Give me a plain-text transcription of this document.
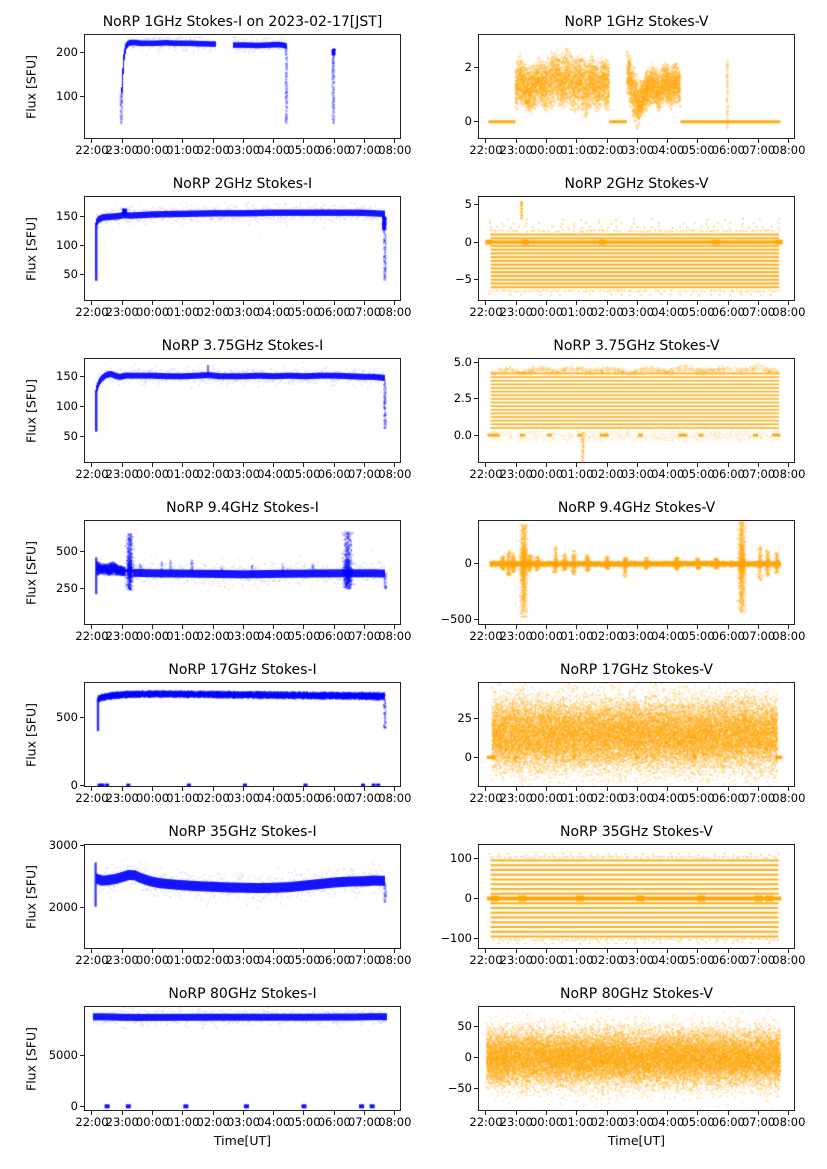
NoRP 1GHz Stokes-I on 2023-02-17[JST]
Flux [SFU]
22:00
23:00
00:00
01:00
02:00
03:00
04:00
05:00
06:00
07:00
08:00
100
200
NoRP 1GHz Stokes-V
22:00
23:00
00:00
01:00
02:00
03:00
04:00
05:00
06:00
07:00
08:00
0
2
NoRP 2GHz Stokes-I
Flux [SFU]
22:00
23:00
00:00
01:00
02:00
03:00
04:00
05:00
06:00
07:00
08:00
50
100
150
NoRP 2GHz Stokes-V
22:00
23:00
00:00
01:00
02:00
03:00
04:00
05:00
06:00
07:00
08:00
−5
0
5
NoRP 3.75GHz Stokes-I
Flux [SFU]
22:00
23:00
00:00
01:00
02:00
03:00
04:00
05:00
06:00
07:00
08:00
50
100
150
NoRP 3.75GHz Stokes-V
22:00
23:00
00:00
01:00
02:00
03:00
04:00
05:00
06:00
07:00
08:00
0.0
2.5
5.0
NoRP 9.4GHz Stokes-I
Flux [SFU]
22:00
23:00
00:00
01:00
02:00
03:00
04:00
05:00
06:00
07:00
08:00
250
500
NoRP 9.4GHz Stokes-V
22:00
23:00
00:00
01:00
02:00
03:00
04:00
05:00
06:00
07:00
08:00
−500
0
NoRP 17GHz Stokes-I
Flux [SFU]
22:00
23:00
00:00
01:00
02:00
03:00
04:00
05:00
06:00
07:00
08:00
0
500
NoRP 17GHz Stokes-V
22:00
23:00
00:00
01:00
02:00
03:00
04:00
05:00
06:00
07:00
08:00
0
25
NoRP 35GHz Stokes-I
Flux [SFU]
22:00
23:00
00:00
01:00
02:00
03:00
04:00
05:00
06:00
07:00
08:00
2000
3000
NoRP 35GHz Stokes-V
22:00
23:00
00:00
01:00
02:00
03:00
04:00
05:00
06:00
07:00
08:00
−100
0
100
NoRP 80GHz Stokes-I
Flux [SFU]
Time[UT]
22:00
23:00
00:00
01:00
02:00
03:00
04:00
05:00
06:00
07:00
08:00
0
5000
NoRP 80GHz Stokes-V
Time[UT]
22:00
23:00
00:00
01:00
02:00
03:00
04:00
05:00
06:00
07:00
08:00
−50
0
50
